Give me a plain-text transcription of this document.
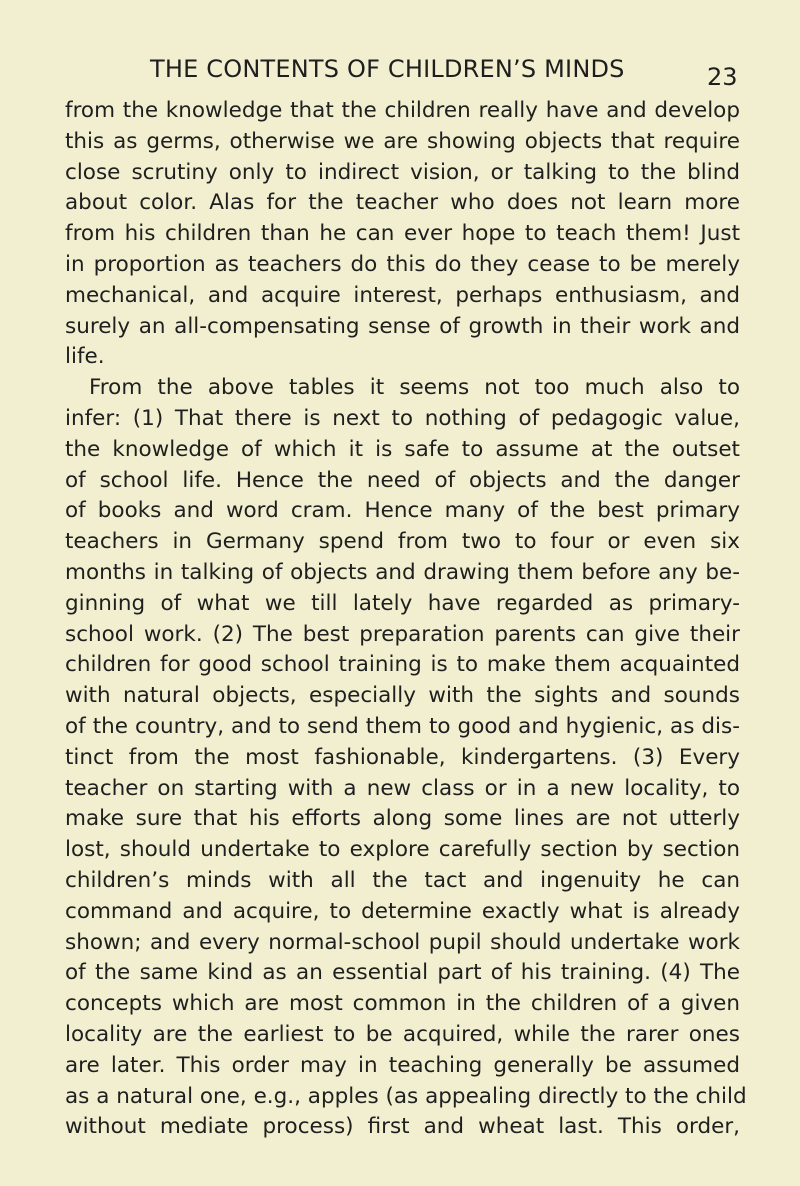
THE CONTENTS OF CHILDREN’S MINDS	23
from the knowledge that the children really have and develop
this as germs, otherwise we are showing objects that require
close scrutiny only to indirect vision, or talking to the blind
about color. Alas for the teacher who does not learn more
from his children than he can ever hope to teach them! Just
in proportion as teachers do this do they cease to be merely
mechanical, and acquire interest, perhaps enthusiasm, and
surely an all-compensating sense of growth in their work and
life.
From the above tables it seems not too much also to
infer: (1) That there is next to nothing of pedagogic value,
the knowledge of which it is safe to assume at the outset
of school life. Hence the need of objects and the danger
of books and word cram. Hence many of the best primary
teachers in Germany spend from two to four or even six
months in talking of objects and drawing them before any be-
ginning of what we till lately have regarded as primary-
school work. (2) The best preparation parents can give their
children for good school training is to make them acquainted
with natural objects, especially with the sights and sounds
of the country, and to send them to good and hygienic, as dis-
tinct from the most fashionable, kindergartens. (3) Every
teacher on starting with a new class or in a new locality, to
make sure that his efforts along some lines are not utterly
lost, should undertake to explore carefully section by section
children’s minds with all the tact and ingenuity he can
command and acquire, to determine exactly what is already
shown; and every normal-school pupil should undertake work
of the same kind as an essential part of his training. (4) The
concepts which are most common in the children of a given
locality are the earliest to be acquired, while the rarer ones
are later. This order may in teaching generally be assumed
as a natural one, e.g., apples (as appealing directly to the child
without mediate process) first and wheat last. This order,
